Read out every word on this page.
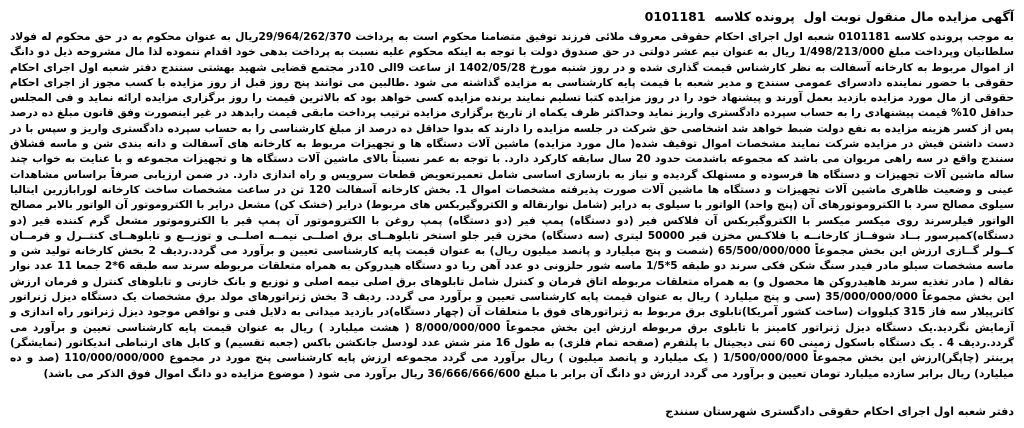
آگهی مزایده مال منقول نوبت اول  پرونده کلاسه  0101181

به موجب پرونده کلاسه 0101181 شعبه اول اجرای احکام حقوقی معروف ملائی فرزند توفیق متضامنا محکوم است به پرداخت 29/964/262/370ریال به عنوان محکوم به در حق محکوم له فولاد سلطانیان وپرداخت مبلغ 1/498/213/000 ریال به عنوان نیم عشر دولتی در حق صندوق دولت با توجه به اینکه محکوم علیه نسبت به پرداخت بدهی خود اقدام ننموده لذا مال مشروحه ذیل دو دانگ از اموال مربوط به کارخانه آسفالت به نظر کارشناس قیمت گذاری شده و در روز شنبه مورخ 1402/05/28 از ساعت 9الی 10در مجتمع قضایی شهید بهشتی سنندج دفتر شعبه اول اجرای احکام حقوقی با حضور نماینده دادسرای عمومی سنندج و مدیر شعبه با قیمت پایه کارشناسی به مزایده گذاشته می شود .طالبین می توانند پنج روز قبل از روز مزایده با کسب مجوز از اجرای احکام حقوقی از مال مورد مزایده بازدید بعمل آورند و پیشنهاد خود را در روز مزایده کتبا تسلیم نمایند برنده مزایده کسی خواهد بود که بالاترین قیمت را روز برگزاری مزایده ارائه نماید و فی المجلس حداقل 10% قیمت پیشنهادی را به حساب سپرده دادگستری واریز نماید وحداکثر ظرف یکماه از تاریخ برگزاری مزایده ترتیب پرداخت مابقی قیمت رابدهد در غیر اینصورت وفق قانون مبلغ ده درصد پس از کسر هزینه مزایده به نفع دولت ضبط خواهد شد اشخاصی حق شرکت در جلسه مزایده را دارند که بدوا حداقل ده درصد از مبلغ کارشناسی را به حساب سپرده دادگستری واریز و سپس با در دست داشتن فیش در مزایده شرکت نمایند مشخصات اموال توقیف شده( مال مورد مزایده) ماشین آلات دستگاه ها و تجهیزات مربوط به کارخانه های آسفالت و دانه بندی شن و ماسه قشلاق سنندج واقع در سه راهی مریوان می باشد که مجموعه باشدمت حدود 20 سال سابقه کارکرد دارد. با توجه به عمر نسبتاً بالای ماشین آلات دستگاه ها و تجهیزات مجموعه و با عنایت به خواب چند ساله ماشین آلات تجهیزات و دستگاه ها فرسوده و مستهلک گردیده و نیاز به بازسازی اساسی شامل تعمیرتعویض قطعات سرویس و راه اندازی دارد. در ضمن ارزیابی صرفاً براساس مشاهدات عینی و وضعیت ظاهری ماشین آلات تجهیزات و دستگاه ها ماشین آلات صورت پذیرفته مشخصات اموال 1. بخش کارخانه آسفالت 120 تن در ساعت مشخصات ساخت کارخانه لورابازرین ایتالیا سیلوی مصالح سرد با الکتروموتورهای آن (پنج واحد) الواتور با سیلوی به درایر (شامل نوارنقاله و الکتروگیربکس های مربوط) درایر (خشک کن) مشعل درایر با الکتروموتور آن الواتور بالابر مصالح الواتور فیلرسرند روی میکسر میکسر با الکتروگیربکس آن فلاکس فیر (دو دستگاه) پمپ فیر (دو دستگاه) پمپ روغن با الکتروموتور آن پمپ قیر با الکتروموتور مشعل گرم کننده قیر (دو دستگاه)کمپرسور بــاد شوفــاژ کارخانــه با فلاکـس مخزن قیر 50000 لیتری (سه دستگاه) مخزن قیر جلو استخر تابلوهــای برق اصلــی نیمــه اصلــی و توزیــع و تابلوهــای کنتــرل و فرمــان کــولر گــازی ارزش این بخش مجموعاً 65/500/000/000 (شصت و پنج میلیارد و پانصد میلیون ریال) به عنوان قیمت پایه کارشناسی تعیین و برآورد می گردد.ردیف 2 بخش کارخانه تولید شن و ماسه مشخصات سیلو مادر فیدر سنگ شکن فکی سرند دو طبقه 5*1/5 ماسه شور حلزونی دو عدد آهن ربا دو دستگاه هیدروکن به همراه متعلقات مربوطه سرند سه طبقه 6*2 جمعا 11 عدد نوار نقاله ( مادر تغذیه سرند هاهیدروکن ها محصول و) به همراه متعلقات مربوطه اتاق فرمان و کنترل شامل تابلوهای برق اصلی نیمه اصلی و توزیع و بانک خازنی و تابلوهای کنترل و فرمان ارزش این بخش مجموعاً 35/000/000/000 (سی و پنج میلیارد ) ریال به عنوان قیمت پایه کارشناسی تعیین و برآورد می گردد. ردیف 3 بخش ژنراتورهای مولد برق مشخصات یک دستگاه دیزل ژنراتور کاترپیلار سه فاز 315 کیلووات (ساخت کشور آمریکا)تابلوی برق مربوط به ژنراتورهای فوق با متعلقات آن (چهار دستگاه)در بازدید میدانی به دلایل فنی و نواقص موجود دیزل ژنراتور راه اندازی و آزمایش نگردید.یک دستگاه دیزل ژنراتور کامینز با تابلوی برق مربوطه ارزش این بخش مجموعاً 8/000/000/000 ( هشت میلیارد ) ریال به عنوان قیمت پایه کارشناسی تعیین و برآورد می گردد.ردیف 4 . یک دستگاه باسکول زمینی 60 تنی دیجیتال با پلتفرم (صفحه تمام فلزی) به طول 16 متر شش عدد لودسل جانکشن باکس (جعبه تقسیم) و کابل های ارتباطی اندیکاتور (نمایشگر) پرینتر (چاپگر)ارزش این بخش مجموعاً 1/500/000/000 ( یک میلیارد و پانصد میلیون ) ریال برآورد می گردد مجموعه ارزش پایه کارشناسی پنج مورد در مجموع 110/000/000/000 (صد و ده میلیارد) ریال برابر سازده میلیارد تومان تعیین و برآورد می گردد ارزش دو دانگ آن برابر با مبلغ 36/666/666/600 ریال برآورد می شود ( موضوع مزایده دو دانگ اموال فوق الذکر می باشد)

دفتر شعبه اول اجرای احکام حقوقی دادگستری شهرستان سنندج
